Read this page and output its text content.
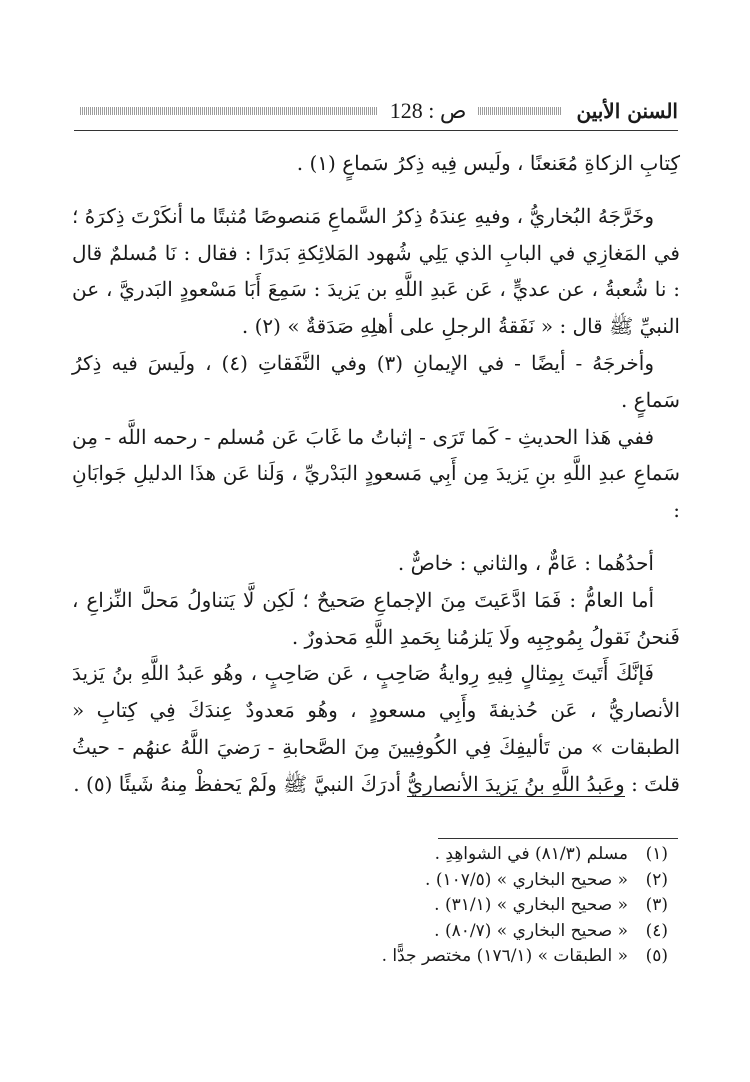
السنن الأبين
ص : 128

كِتابِ الزكاةِ مُعَنعنًا ، ولَيس فِيه ذِكرُ سَماعٍ (١) .

وخَرَّجَهُ البُخاريُّ ، وفيهِ عِندَهُ ذِكرُ السَّماعِ مَنصوصًا مُثبتًا ما أنكَرْتَ ذِكرَهُ ؛ في المَغازِي في البابِ الذي يَلِي شُهود المَلائِكةِ بَدرًا : فقال : نَا مُسلمٌ قال : نا شُعبةُ ، عن عديٍّ ، عَن عَبدِ اللَّهِ بن يَزيدَ : سَمِعَ أَبَا مَسْعودٍ البَدريَّ ، عن النبيِّ ﷺ قال : « نَفَقةُ الرجلِ على أهلِهِ صَدَقةٌ » (٢) .

وأخرجَهُ - أيضًا - في الإيمانِ (٣) وفي النَّفَقاتِ (٤) ، ولَيسَ فيه ذِكرُ سَماعٍ .

ففي هَذا الحديثِ - كَما تَرَى - إثباتُ ما غَابَ عَن مُسلم - رحمه اللَّه - مِن سَماعِ عبدِ اللَّهِ بنِ يَزيدَ مِن أَبِي مَسعودٍ البَدْريِّ ، وَلَنا عَن هذَا الدليلِ جَوابَانِ :

أحدُهُما : عَامٌّ ، والثاني : خاصٌّ .

أما العامُّ : فَمَا ادَّعَيتَ مِنَ الإجماعِ صَحيحٌ ؛ لَكِن لَّا يَتناولُ مَحلَّ النِّزاعِ ، فَنحنُ نَقولُ بِمُوجِبِه ولَا يَلزمُنا بِحَمدِ اللَّهِ مَحذورٌ .

فَإنَّكَ أَتَيتَ بِمِثالٍ فِيهِ رِوايةُ صَاحِبٍ ، عَن صَاحِبٍ ، وهُو عَبدُ اللَّهِ بنُ يَزيدَ الأنصاريُّ ، عَن حُذيفةَ وأَبِي مسعودٍ ، وهُو مَعدودٌ عِندَكَ فِي كِتابِ « الطبقات » من تَأليفِكَ فِي الكُوفِيينَ مِنَ الصَّحابةِ - رَضيَ اللَّهُ عنهُم - حيثُ قلتَ : وعَبدُ اللَّهِ بنُ يَزيدَ الأنصاريُّ أدرَكَ النبيَّ ﷺ ولَمْ يَحفظْ مِنهُ شَيئًا (٥) .

(١)
مسلم (٨١/٣) في الشواهِدِ .
(٢)
« صحيح البخاري » (١٠٧/٥) .
(٣)
« صحيح البخاري » (٣١/١) .
(٤)
« صحيح البخاري » (٨٠/٧) .
(٥)
« الطبقات » (١٧٦/١) مختصر جدًّا .
